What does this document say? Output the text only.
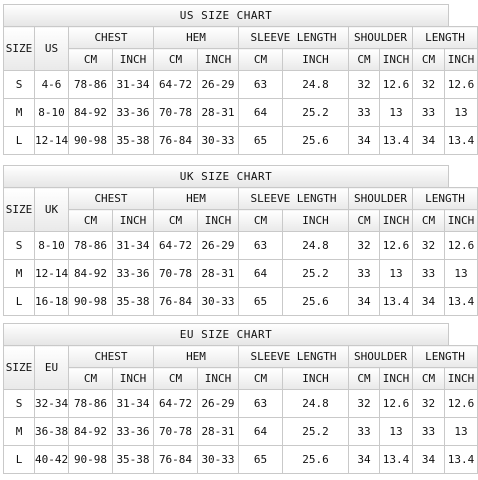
US SIZE CHART
SIZE	US	CHEST		HEM		SLEEVE LENGTH		SHOULDER		LENGTH	
		CM	INCH	CM	INCH	CM	INCH	CM	INCH	CM	INCH
S	4-6	78-86	31-34	64-72	26-29	63	24.8	32	12.6	32	12.6
M	8-10	84-92	33-36	70-78	28-31	64	25.2	33	13	33	13
L	12-14	90-98	35-38	76-84	30-33	65	25.6	34	13.4	34	13.4
UK SIZE CHART
SIZE	UK	CHEST		HEM		SLEEVE LENGTH		SHOULDER		LENGTH	
		CM	INCH	CM	INCH	CM	INCH	CM	INCH	CM	INCH
S	8-10	78-86	31-34	64-72	26-29	63	24.8	32	12.6	32	12.6
M	12-14	84-92	33-36	70-78	28-31	64	25.2	33	13	33	13
L	16-18	90-98	35-38	76-84	30-33	65	25.6	34	13.4	34	13.4
EU SIZE CHART
SIZE	EU	CHEST		HEM		SLEEVE LENGTH		SHOULDER		LENGTH	
		CM	INCH	CM	INCH	CM	INCH	CM	INCH	CM	INCH
S	32-34	78-86	31-34	64-72	26-29	63	24.8	32	12.6	32	12.6
M	36-38	84-92	33-36	70-78	28-31	64	25.2	33	13	33	13
L	40-42	90-98	35-38	76-84	30-33	65	25.6	34	13.4	34	13.4
